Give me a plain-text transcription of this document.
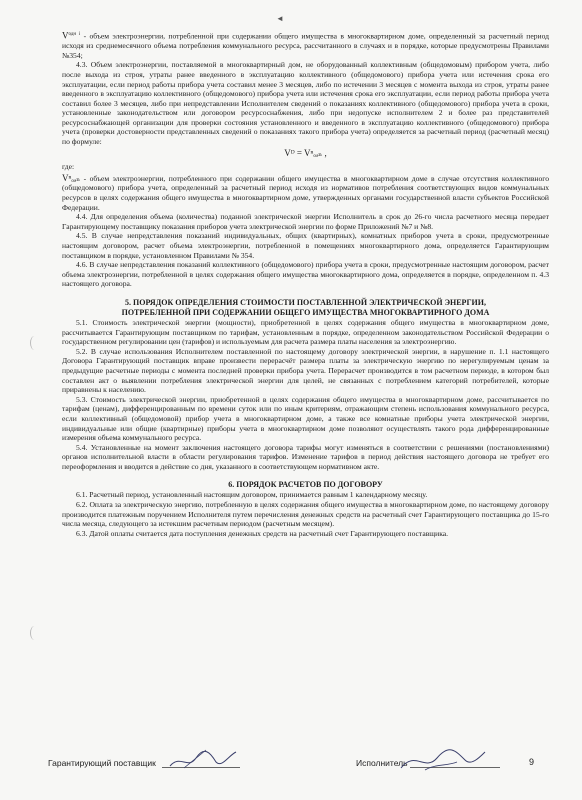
◄

$V^{одн i}$ - объем электроэнергии, потребленной при содержании общего имущества в многоквартирном доме, определенный за расчетный период исходя из среднемесячного объема потребления коммунального ресурса, рассчитанного в случаях и в порядке, которые предусмотрены Правилами №354;

4.3. Объем электроэнергии, поставляемой в многоквартирный дом, не оборудованный коллективным (общедомовым) прибором учета, либо после выхода из строя, утраты ранее введенного в эксплуатацию коллективного (общедомового) прибора учета или истечения срока его эксплуатации, если период работы прибора учета составил менее 3 месяцев, либо по истечении 3 месяцев с момента выхода из строя, утраты ранее введенного в эксплуатацию коллективного (общедомового) прибора учета или истечения срока его эксплуатации, если период работы прибора учета составил более 3 месяцев, либо при непредставлении Исполнителем сведений о показаниях коллективного (общедомового) прибора учета в сроки, установленные законодательством или договором ресурсоснабжения, либо при недопуске исполнителем 2 и более раз представителей ресурсоснабжающей организации для проверки состояния установленного и введенного в эксплуатацию коллективного (общедомового) прибора учета (проверки достоверности представленных сведений о показаниях такого прибора учета) определяется за расчетный период (расчетный месяц) по формуле:

Vᴰ = Vⁿₒₔₙ ,

где:

Vⁿₒₔₙ - объем электроэнергии, потребленного при содержании общего имущества в многоквартирном доме в случае отсутствия коллективного (общедомового) прибора учета, определенный за расчетный период исходя из нормативов потребления соответствующих видов коммунальных ресурсов в целях содержания общего имущества в многоквартирном доме, утвержденных органами государственной власти субъектов Российской Федерации.

4.4. Для определения объема (количества) поданной электрической энергии Исполнитель в срок до 26-го числа расчетного месяца передает Гарантирующему поставщику показания приборов учета электрической энергии по форме Приложений №7 и №8.

4.5. В случае непредставления показаний индивидуальных, общих (квартирных), комнатных приборов учета в сроки, предусмотренные настоящим договором, расчет объема электроэнергии, потребленной в помещениях многоквартирного дома, определяется Гарантирующим поставщиком в порядке, установленном Правилами № 354.

4.6. В случае непредставления показаний коллективного (общедомового) прибора учета в сроки, предусмотренные настоящим договором, расчет объема электроэнергии, потребленной в целях содержания общего имущества многоквартирного дома, определяется в порядке, определенном п. 4.3 настоящего договора.

5. ПОРЯДОК ОПРЕДЕЛЕНИЯ СТОИМОСТИ ПОСТАВЛЕННОЙ ЭЛЕКТРИЧЕСКОЙ ЭНЕРГИИ,

ПОТРЕБЛЕННОЙ ПРИ СОДЕРЖАНИИ ОБЩЕГО ИМУЩЕСТВА МНОГОКВАРТИРНОГО ДОМА

5.1. Стоимость электрической энергии (мощности), приобретенной в целях содержания общего имущества в многоквартирном доме, рассчитывается Гарантирующим поставщиком по тарифам, установленным в порядке, определенном законодательством Российской Федерации о государственном регулировании цен (тарифов) и используемым для расчета размера платы населения за электроэнергию.

5.2. В случае использования Исполнителем поставленной по настоящему договору электрической энергии, в нарушение п. 1.1 настоящего Договора Гарантирующий поставщик вправе произвести перерасчёт размера платы за электрическую энергию по нерегулируемым ценам за предыдущие расчетные периоды с момента последней проверки прибора учета. Перерасчет производится в том расчетном периоде, в котором был составлен акт о выявлении потребления электрической энергии для целей, не связанных с потреблением категорий потребителей, которые приравнены к населению.

5.3. Стоимость электрической энергии, приобретенной в целях содержания общего имущества в многоквартирном доме, рассчитывается по тарифам (ценам), дифференцированным по времени суток или по иным критериям, отражающим степень использования коммунального ресурса, если коллективный (общедомовой) прибор учета в многоквартирном доме, а также все комнатные приборы учета электрической энергии, индивидуальные или общие (квартирные) приборы учета в многоквартирном доме позволяют осуществлять такого рода дифференцированные измерения объема коммунального ресурса.

5.4. Установленные на момент заключения настоящего договора тарифы могут изменяться в соответствии с решениями (постановлениями) органов исполнительной власти в области регулирования тарифов. Изменение тарифов в период действия настоящего договора не требует его переоформления и вводится в действие со дня, указанного в соответствующем нормативном акте.

6. ПОРЯДОК РАСЧЕТОВ ПО ДОГОВОРУ

6.1. Расчетный период, установленный настоящим договором, принимается равным 1 календарному месяцу.

6.2. Оплата за электрическую энергию, потребленную в целях содержания общего имущества в многоквартирном доме, по настоящему договору производится платежным поручением Исполнителя путем перечисления денежных средств на расчетный счет Гарантирующего поставщика до 15-го числа месяца, следующего за истекшим расчетным периодом (расчетным месяцем).

6.3. Датой оплаты считается дата поступления денежных средств на расчетный счет Гарантирующего поставщика.

Гарантирующий поставщик	Исполнитель	9
